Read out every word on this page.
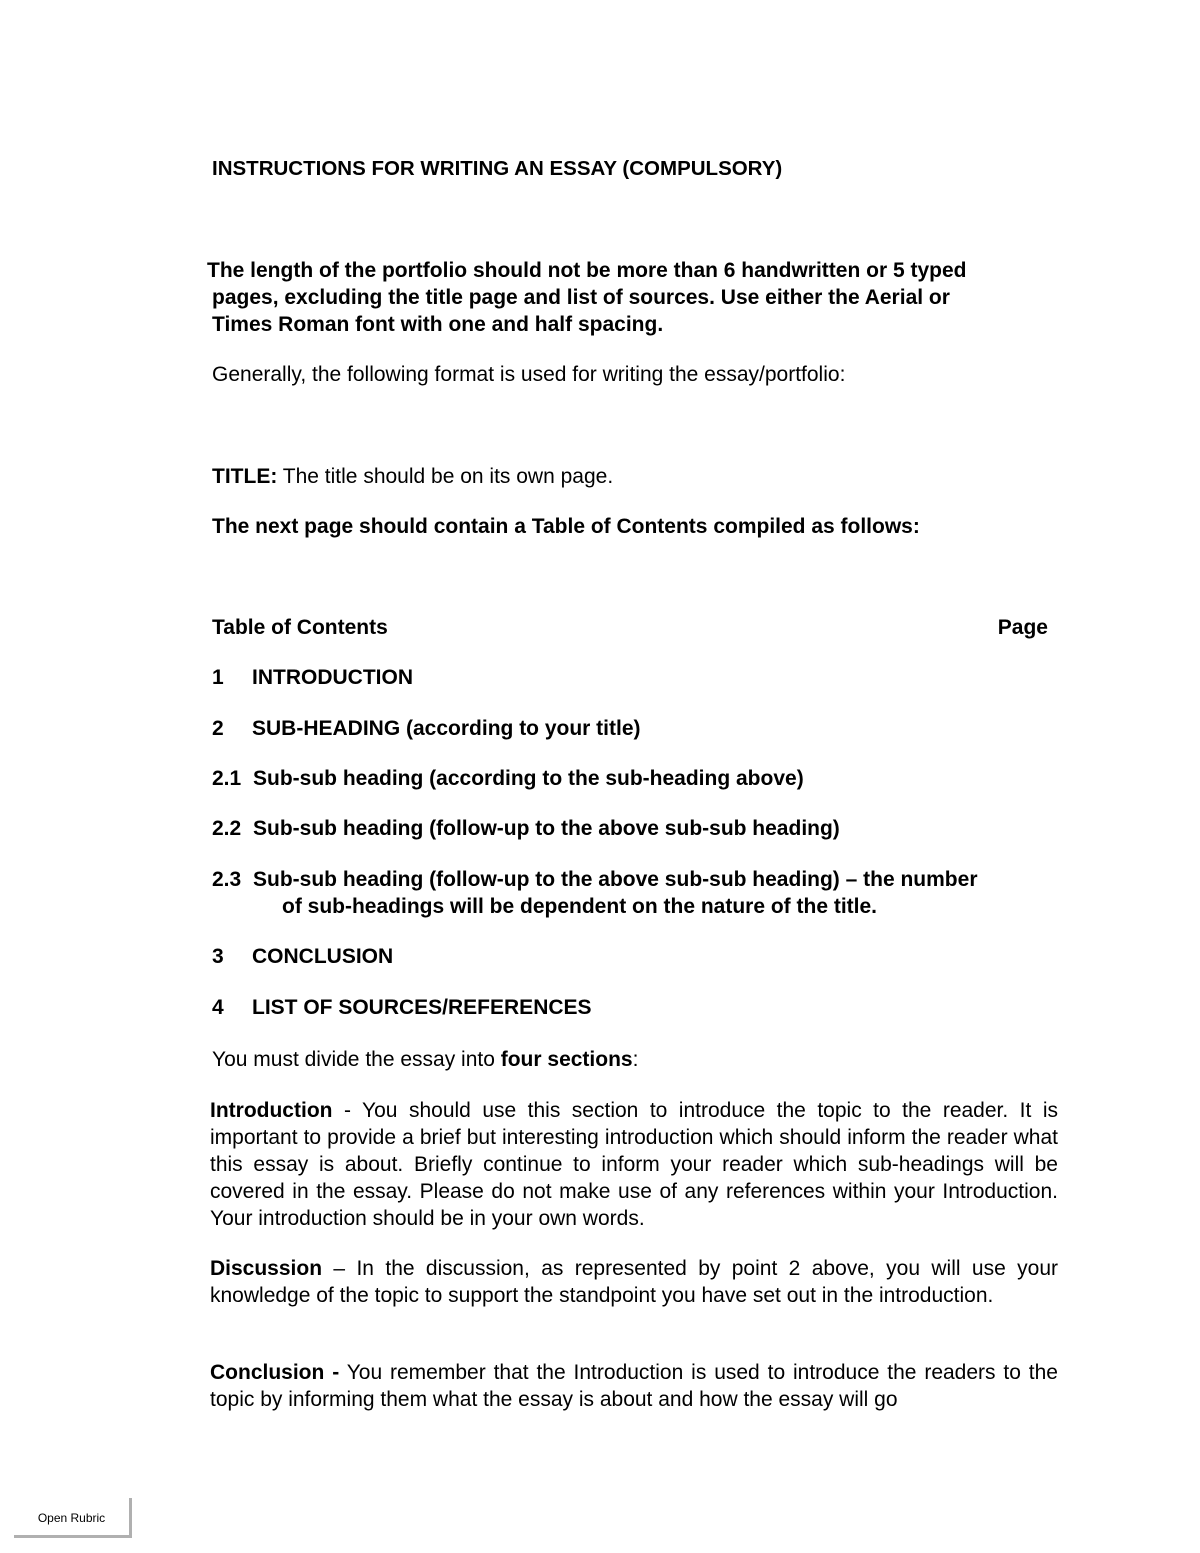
INSTRUCTIONS FOR WRITING AN ESSAY (COMPULSORY)
The length of the portfolio should not be more than 6 handwritten or 5 typed
pages, excluding the title page and list of sources. Use either the Aerial or
Times Roman font with one and half spacing.
Generally, the following format is used for writing the essay/portfolio:
TITLE: The title should be on its own page.
The next page should contain a Table of Contents compiled as follows:
Table of Contents	Page
1 INTRODUCTION
2 SUB-HEADING (according to your title)
2.1 Sub-sub heading (according to the sub-heading above)
2.2 Sub-sub heading (follow-up to the above sub-sub heading)
2.3 Sub-sub heading (follow-up to the above sub-sub heading) – the number
of sub-headings will be dependent on the nature of the title.
3 CONCLUSION
4 LIST OF SOURCES/REFERENCES
You must divide the essay into four sections:
Introduction - You should use this section to introduce the topic to the reader. It is important to provide a brief but interesting introduction which should inform the reader what this essay is about. Briefly continue to inform your reader which sub-headings will be covered in the essay. Please do not make use of any references within your Introduction. Your introduction should be in your own words.
Discussion – In the discussion, as represented by point 2 above, you will use your knowledge of the topic to support the standpoint you have set out in the introduction.
Conclusion - You remember that the Introduction is used to introduce the readers to the topic by informing them what the essay is about and how the essay will go
Open Rubric
